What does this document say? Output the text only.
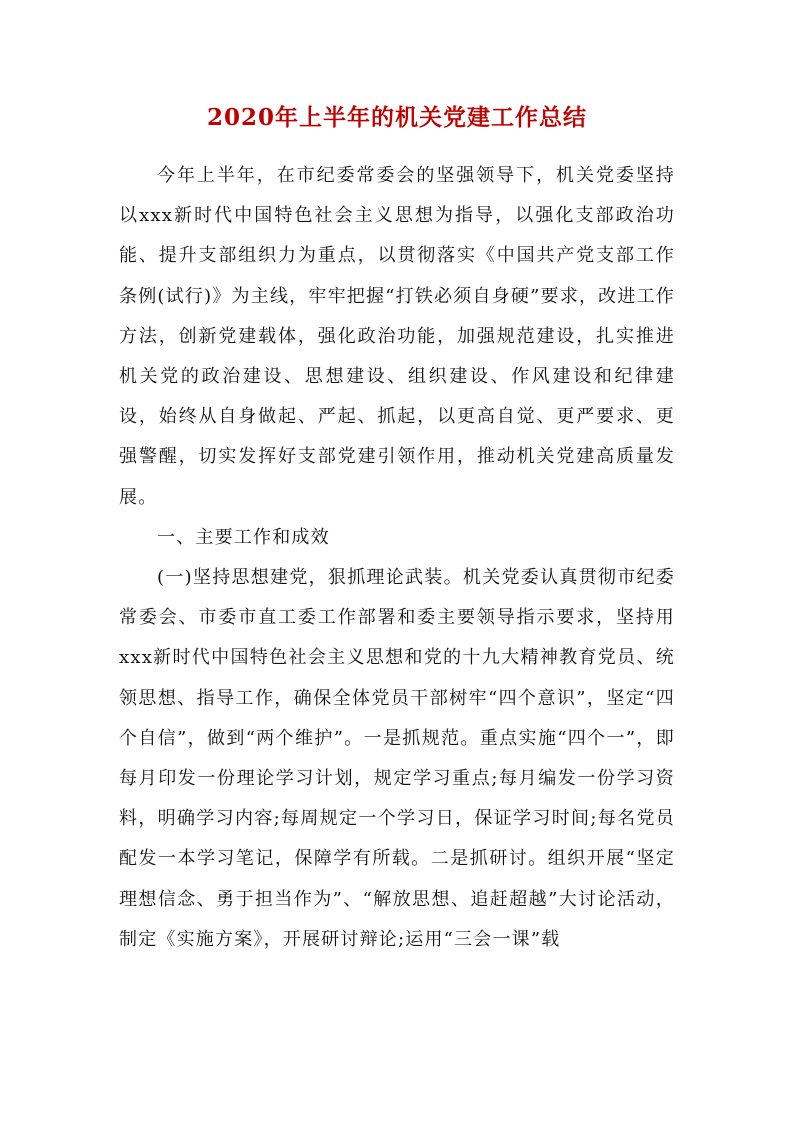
2020年上半年的机关党建工作总结

今年上半年，在市纪委常委会的坚强领导下，机关党委坚持以xxx新时代中国特色社会主义思想为指导，以强化支部政治功能、提升支部组织力为重点，以贯彻落实《中国共产党支部工作条例(试行)》为主线，牢牢把握“打铁必须自身硬”要求，改进工作方法，创新党建载体，强化政治功能，加强规范建设，扎实推进机关党的政治建设、思想建设、组织建设、作风建设和纪律建设，始终从自身做起、严起、抓起，以更高自觉、更严要求、更强警醒，切实发挥好支部党建引领作用，推动机关党建高质量发展。

一、主要工作和成效

(一)坚持思想建党，狠抓理论武装。机关党委认真贯彻市纪委常委会、市委市直工委工作部署和委主要领导指示要求，坚持用xxx新时代中国特色社会主义思想和党的十九大精神教育党员、统领思想、指导工作，确保全体党员干部树牢“四个意识”，坚定“四个自信”，做到“两个维护”。一是抓规范。重点实施“四个一”，即每月印发一份理论学习计划，规定学习重点;每月编发一份学习资料，明确学习内容;每周规定一个学习日，保证学习时间;每名党员配发一本学习笔记，保障学有所载。二是抓研讨。组织开展“坚定理想信念、勇于担当作为”、“解放思想、追赶超越”大讨论活动，制定《实施方案》，开展研讨辩论;运用“三会一课”载
